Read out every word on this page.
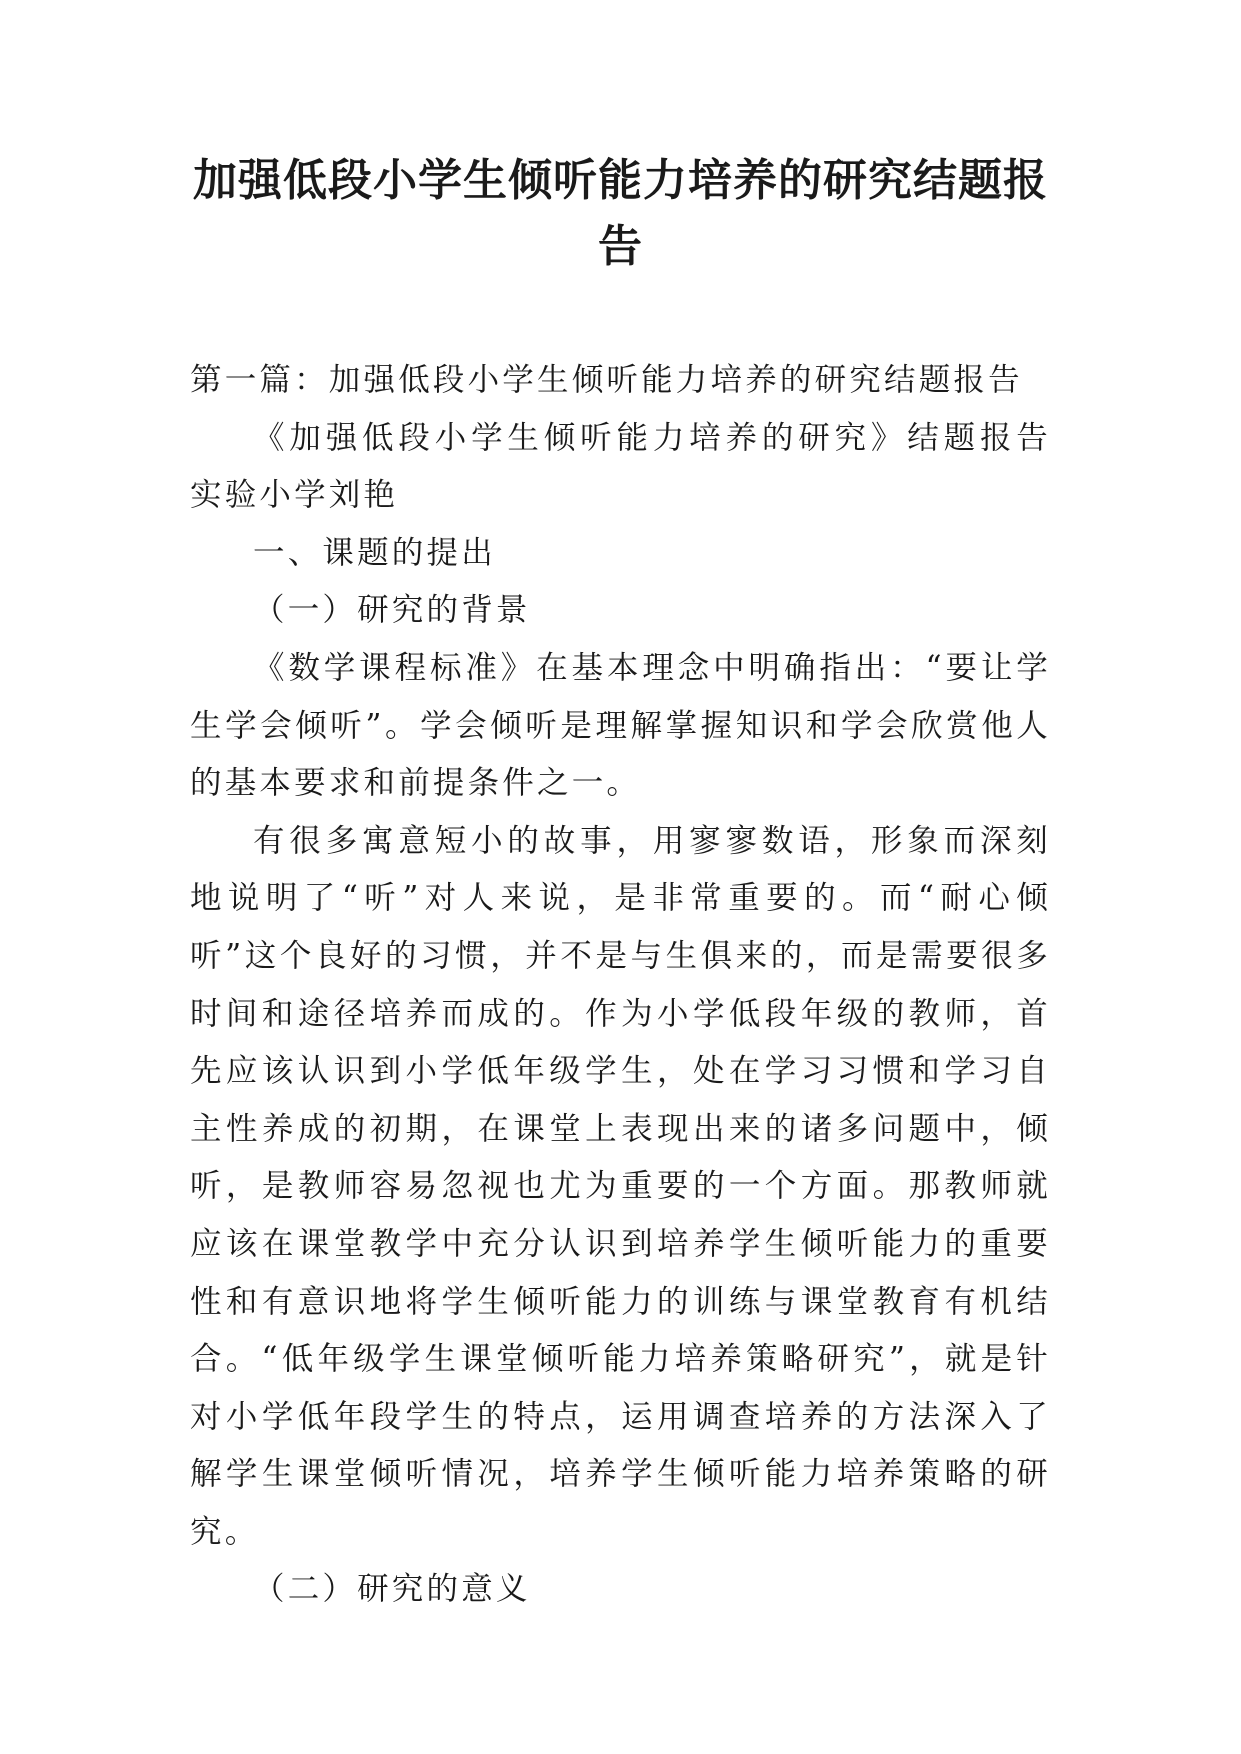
加强低段小学生倾听能力培养的研究结题报告

第一篇：加强低段小学生倾听能力培养的研究结题报告

《加强低段小学生倾听能力培养的研究》结题报告实验小学刘艳

一、课题的提出

（一）研究的背景

《数学课程标准》在基本理念中明确指出：“要让学生学会倾听”。学会倾听是理解掌握知识和学会欣赏他人的基本要求和前提条件之一。

有很多寓意短小的故事，用寥寥数语，形象而深刻地说明了“听”对人来说，是非常重要的。而“耐心倾听”这个良好的习惯，并不是与生俱来的，而是需要很多时间和途径培养而成的。作为小学低段年级的教师，首先应该认识到小学低年级学生，处在学习习惯和学习自主性养成的初期，在课堂上表现出来的诸多问题中，倾听，是教师容易忽视也尤为重要的一个方面。那教师就应该在课堂教学中充分认识到培养学生倾听能力的重要性和有意识地将学生倾听能力的训练与课堂教育有机结合。“低年级学生课堂倾听能力培养策略研究”，就是针对小学低年段学生的特点，运用调查培养的方法深入了解学生课堂倾听情况，培养学生倾听能力培养策略的研究。

（二）研究的意义
